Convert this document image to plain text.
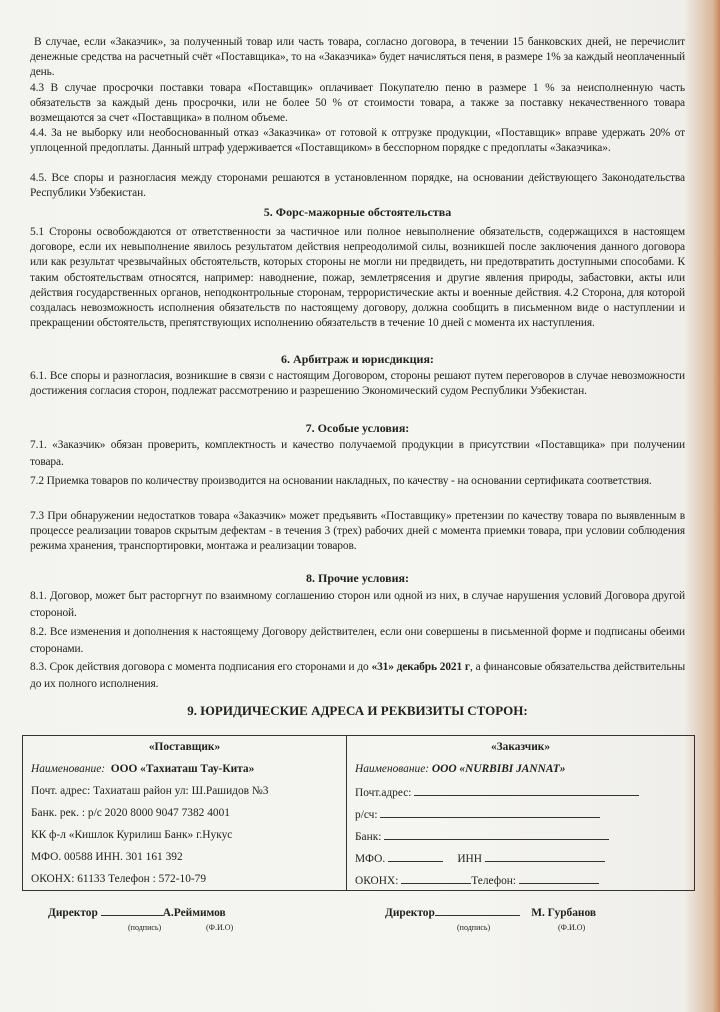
В случае, если «Заказчик», за полученный товар или часть товара, согласно договора, в течении 15 банковских дней, не перечислит денежные средства на расчетный счёт «Поставщика», то на «Заказчика» будет начисляться пеня, в размере 1% за каждый неоплаченный день.
4.3 В случае просрочки поставки товара «Поставщик» оплачивает Покупателю пеню в размере 1 % за неисполненную часть обязательств за каждый день просрочки, или не более 50 % от стоимости товара, а также за поставку некачественного товара возмещаются за счет «Поставщика» в полном объеме.
4.4. За не выборку или необоснованный отказ «Заказчика» от готовой к отгрузке продукции, «Поставщик» вправе удержать 20% от уплоценной предоплаты. Данный штраф удерживается «Поставщиком» в бесспорном порядке с предоплаты «Заказчика».
4.5. Все споры и разногласия между сторонами решаются в установленном порядке, на основании действующего Законодательства Республики Узбекистан.
5. Форс-мажорные обстоятельства
5.1 Стороны освобождаются от ответственности за частичное или полное невыполнение обязательств, содержащихся в настоящем договоре, если их невыполнение явилось результатом действия непреодолимой силы, возникшей после заключения данного договора или как результат чрезвычайных обстоятельств, которых стороны не могли ни предвидеть, ни предотвратить доступными способами. К таким обстоятельствам относятся, например: наводнение, пожар, землетрясения и другие явления природы, забастовки, акты или действия государственных органов, неподконтрольные сторонам, террористические акты и военные действия. 4.2 Сторона, для которой создалась невозможность исполнения обязательств по настоящему договору, должна сообщить в письменном виде о наступлении и прекращении обстоятельств, препятствующих исполнению обязательств в течение 10 дней с момента их наступления.
6. Арбитраж и юрисдикция:
6.1. Все споры и разногласия, возникшие в связи с настоящим Договором, стороны решают путем переговоров в случае невозможности достижения согласия сторон, подлежат рассмотрению и разрешению Экономический судом Республики Узбекистан.
7. Особые условия:
7.1. «Заказчик» обязан проверить, комплектность и качество получаемой продукции в присутствии «Поставщика» при получении товара.
7.2 Приемка товаров по количеству производится на основании накладных, по качеству - на основании сертификата соответствия.
7.3 При обнаружении недостатков товара «Заказчик» может предъявить «Поставщику» претензии по качеству товара по выявленным в процессе реализации товаров скрытым дефектам - в течения 3 (трех) рабочих дней с момента приемки товара, при условии соблюдения режима хранения, транспортировки, монтажа и реализации товаров.
8. Прочие условия:
8.1. Договор, может быт расторгнут по взаимному соглашению сторон или одной из них, в случае нарушения условий Договора другой стороной.
8.2. Все изменения и дополнения к настоящему Договору действителен, если они совершены в письменной форме и подписаны обеими сторонами.
8.3. Срок действия договора с момента подписания его сторонами и до «31» декабрь 2021 г, а финансовые обязательства действительны до их полного исполнения.
9. ЮРИДИЧЕСКИЕ АДРЕСА И РЕКВИЗИТЫ СТОРОН:
«Поставщик»
Наименование: ООО «Тахиаташ Тау-Кита»
Почт. адрес: Тахиаташ район ул: Ш.Рашидов №3
Банк. рек. : р/с 2020 8000 9047 7382 4001
КК ф-л «Кишлок Курилиш Банк» г.Нукус
МФО. 00588 ИНН. 301 161 392
ОКОНХ: 61133 Телефон : 572-10-79
«Заказчик»
Наименование: ООО «NURBIBI JANNAT»
Почт.адрес:
р/сч:
Банк:
МФО.	ИНН
ОКОНХ:	Телефон:
Директор	А.Реймимов
(подпись)	(Ф.И.О)
Директор	М. Гурбанов
(подпись)	(Ф.И.О)
